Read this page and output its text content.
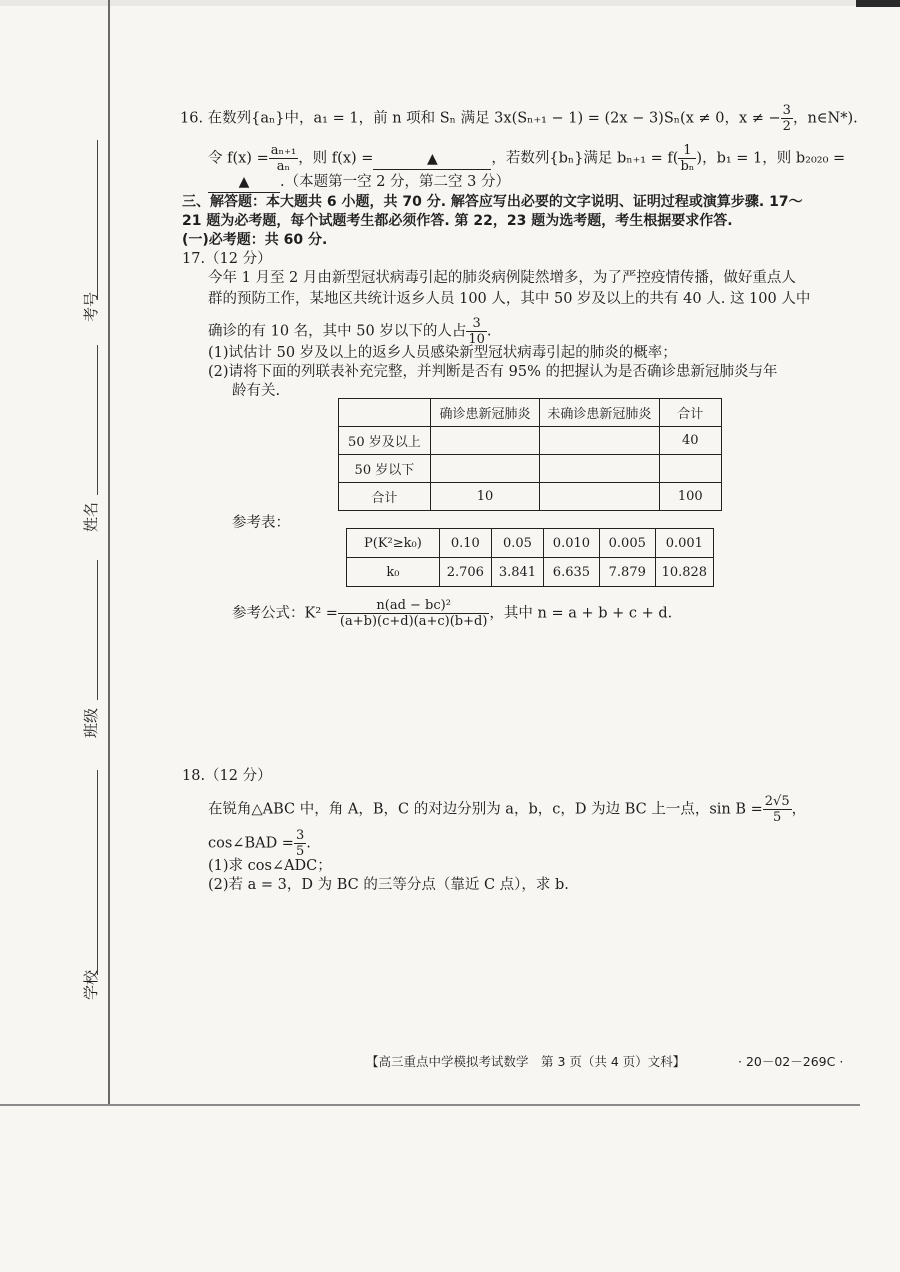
考号
姓名
班级
学校
16. 在数列{aₙ}中，a₁ = 1，前 n 项和 Sₙ 满足 3x(Sₙ₊₁ − 1) = (2x − 3)Sₙ(x ≠ 0，x ≠ − $\frac{3}{2}$ ，n∈N*).
令 $f(x) = \frac{\text{aₙ₊₁}}{\text{aₙ}}$ ，则 f(x) =	▲	，若数列{bₙ}满足 $b_{n+1} = f( \frac{1}{\text{bₙ}}$ )，b₁ = 1，则 b₂₀₂₀ =
▲ .（本题第一空 2 分，第二空 3 分）
三、解答题：本大题共 6 小题，共 70 分. 解答应写出必要的文字说明、证明过程或演算步骤. 17～
21 题为必考题，每个试题考生都必须作答. 第 22，23 题为选考题，考生根据要求作答.
(一)必考题：共 60 分.
17.（12 分）
今年 1 月至 2 月由新型冠状病毒引起的肺炎病例陡然增多，为了严控疫情传播，做好重点人
群的预防工作，某地区共统计返乡人员 100 人，其中 50 岁及以上的共有 40 人. 这 100 人中
确诊的有 10 名，其中 50 岁以下的人占 $\frac{3}{10}$ .
(1)试估计 50 岁及以上的返乡人员感染新型冠状病毒引起的肺炎的概率；
(2)请将下面的列联表补充完整，并判断是否有 95% 的把握认为是否确诊患新冠肺炎与年
龄有关.
	确诊患新冠肺炎	未确诊患新冠肺炎	合计
50 岁及以上			40
50 岁以下			
合计	10		100
参考表：
P(K²≥k₀)	0.10	0.05	0.010	0.005	0.001
k₀	2.706	3.841	6.635	7.879	10.828
参考公式：$K^2 = \frac{\text{n(ad − bc)²}}{(a+b)(c+d)(a+c)(b+d)}$ ，其中 n = a + b + c + d.
18.（12 分）
在锐角△ABC 中，角 A，B，C 的对边分别为 a，b，c，D 为边 BC 上一点，$\sin B = \frac{2√5}{5}$ ，
cos∠BAD = $\frac{3}{5}$ .
(1)求 cos∠ADC；
(2)若 a = 3，D 为 BC 的三等分点（靠近 C 点），求 b.
【高三重点中学模拟考试数学　第 3 页（共 4 页）文科】	· 20－02－269C ·
